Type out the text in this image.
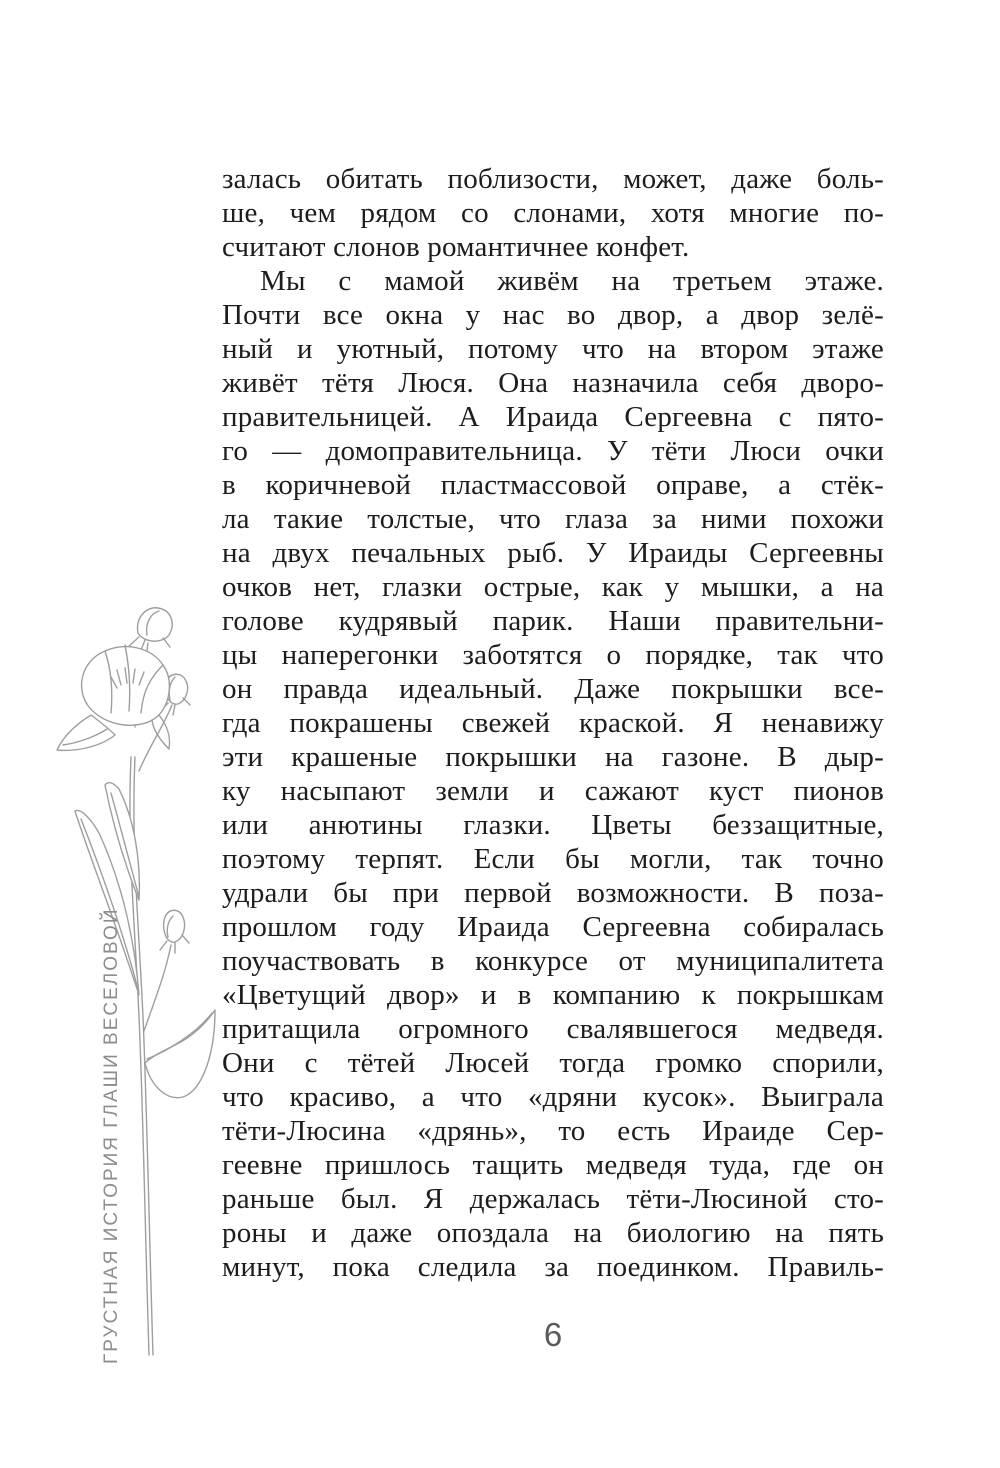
ГРУСТНАЯ ИСТОРИЯ ГЛАШИ ВЕСЕЛОВОЙ
залась обитать поблизости, может, даже боль-
ше, чем рядом со слонами, хотя многие по-
считают слонов романтичнее конфет.
Мы с мамой живём на третьем этаже.
Почти все окна у нас во двор, а двор зелё-
ный и уютный, потому что на втором этаже
живёт тётя Люся. Она назначила себя дворо-
правительницей. А Ираида Сергеевна с пято-
го — домоправительница. У тёти Люси очки
в коричневой пластмассовой оправе, а стёк-
ла такие толстые, что глаза за ними похожи
на двух печальных рыб. У Ираиды Сергеевны
очков нет, глазки острые, как у мышки, а на
голове кудрявый парик. Наши правительни-
цы наперегонки заботятся о порядке, так что
он правда идеальный. Даже покрышки все-
гда покрашены свежей краской. Я ненавижу
эти крашеные покрышки на газоне. В дыр-
ку насыпают земли и сажают куст пионов
или анютины глазки. Цветы беззащитные,
поэтому терпят. Если бы могли, так точно
удрали бы при первой возможности. В поза-
прошлом году Ираида Сергеевна собиралась
поучаствовать в конкурсе от муниципалитета
«Цветущий двор» и в компанию к покрышкам
притащила огромного свалявшегося медведя.
Они с тётей Люсей тогда громко спорили,
что красиво, а что «дряни кусок». Выиграла
тёти-Люсина «дрянь», то есть Ираиде Сер-
геевне пришлось тащить медведя туда, где он
раньше был. Я держалась тёти-Люсиной сто-
роны и даже опоздала на биологию на пять
минут, пока следила за поединком. Правиль-
6
